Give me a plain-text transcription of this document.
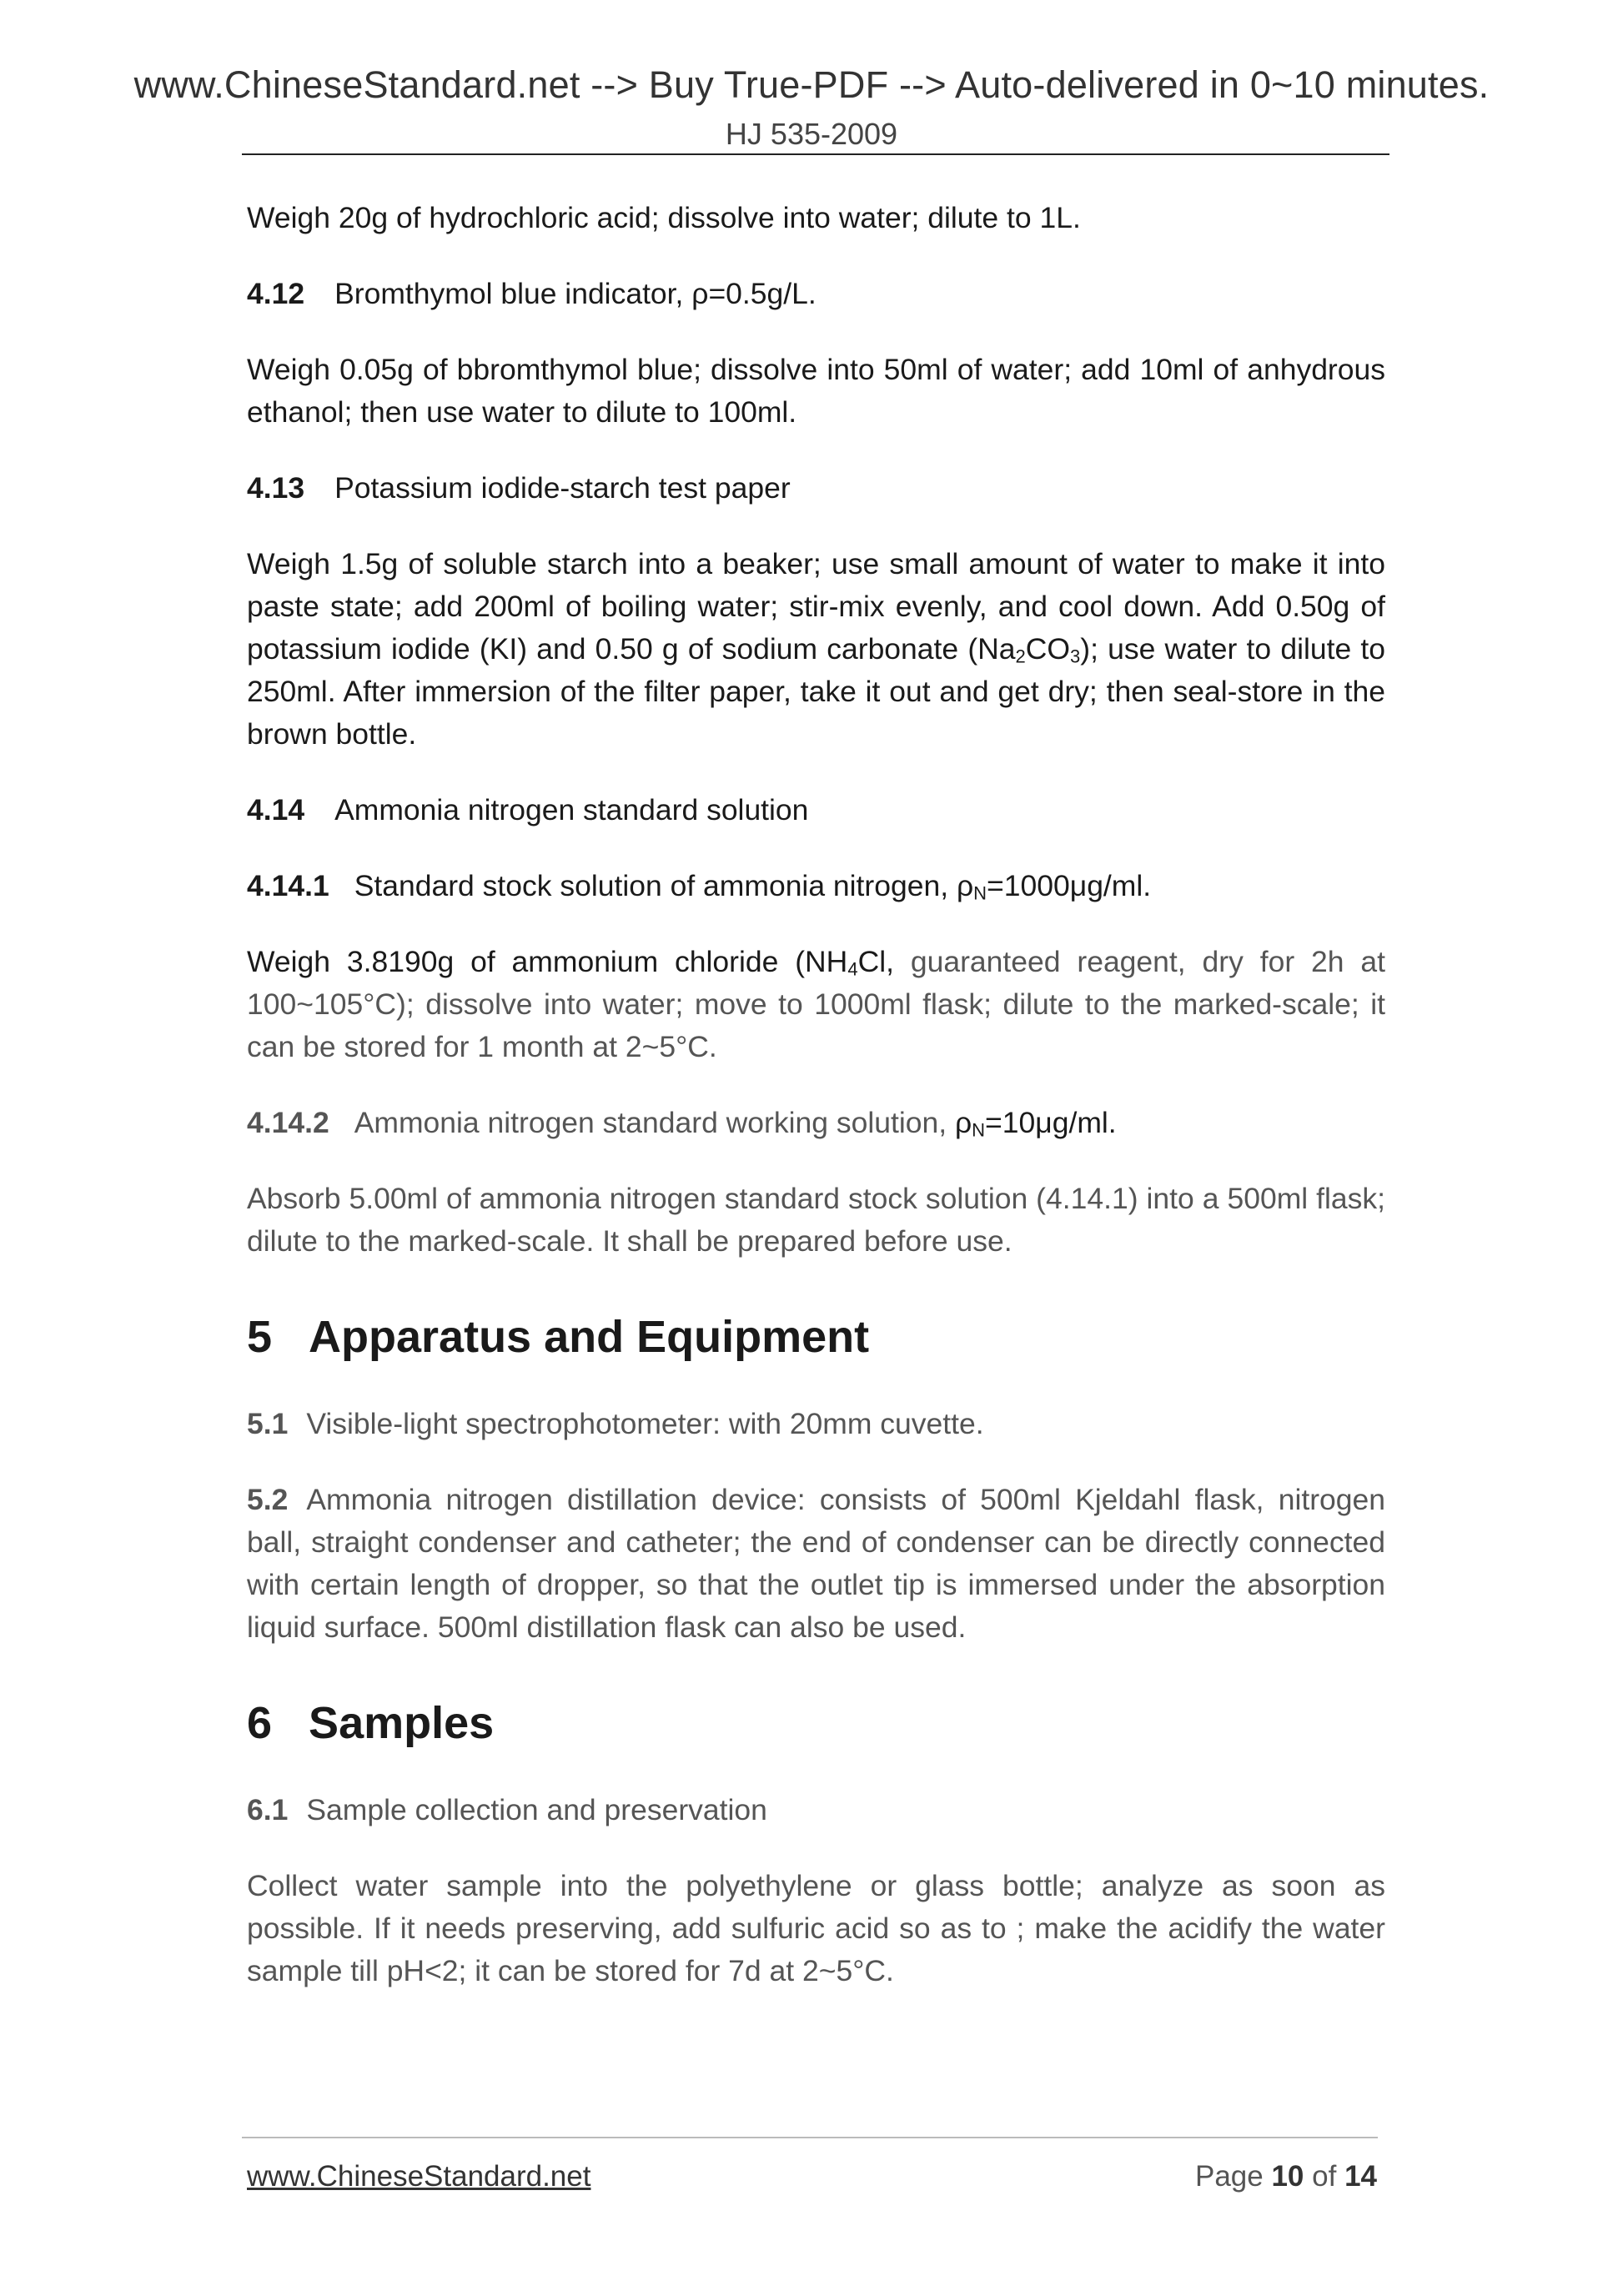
www.ChineseStandard.net --> Buy True-PDF --> Auto-delivered in 0~10 minutes.
HJ 535-2009

Weigh 20g of hydrochloric acid; dissolve into water; dilute to 1L.

4.12 Bromthymol blue indicator, ρ=0.5g/L.

Weigh 0.05g of bbromthymol blue; dissolve into 50ml of water; add 10ml of anhydrous ethanol; then use water to dilute to 100ml.

4.13 Potassium iodide-starch test paper

Weigh 1.5g of soluble starch into a beaker; use small amount of water to make it into paste state; add 200ml of boiling water; stir-mix evenly, and cool down. Add 0.50g of potassium iodide (KI) and 0.50 g of sodium carbonate $(Na_2CO_3)$; use water to dilute to 250ml. After immersion of the filter paper, take it out and get dry; then seal-store in the brown bottle.

4.14 Ammonia nitrogen standard solution

4.14.1 Standard stock solution of ammonia nitrogen, $\rho_N=1000\mu g/ml$.

Weigh 3.8190g of ammonium chloride ($NH_4Cl$, guaranteed reagent, dry for 2h at 100~105°C); dissolve into water; move to 1000ml flask; dilute to the marked-scale; it can be stored for 1 month at 2~5°C.

4.14.2 Ammonia nitrogen standard working solution, $\rho_N=10\mu g/ml$.

Absorb 5.00ml of ammonia nitrogen standard stock solution (4.14.1) into a 500ml flask; dilute to the marked-scale. It shall be prepared before use.

5 Apparatus and Equipment

5.1 Visible-light spectrophotometer: with 20mm cuvette.

5.2 Ammonia nitrogen distillation device: consists of 500ml Kjeldahl flask, nitrogen ball, straight condenser and catheter; the end of condenser can be directly connected with certain length of dropper, so that the outlet tip is immersed under the absorption liquid surface. 500ml distillation flask can also be used.

6 Samples

6.1 Sample collection and preservation

Collect water sample into the polyethylene or glass bottle; analyze as soon as possible. If it needs preserving, add sulfuric acid so as to ; make the acidify the water sample till pH<2; it can be stored for 7d at 2~5°C.

www.ChineseStandard.net	Page 10 of 14
